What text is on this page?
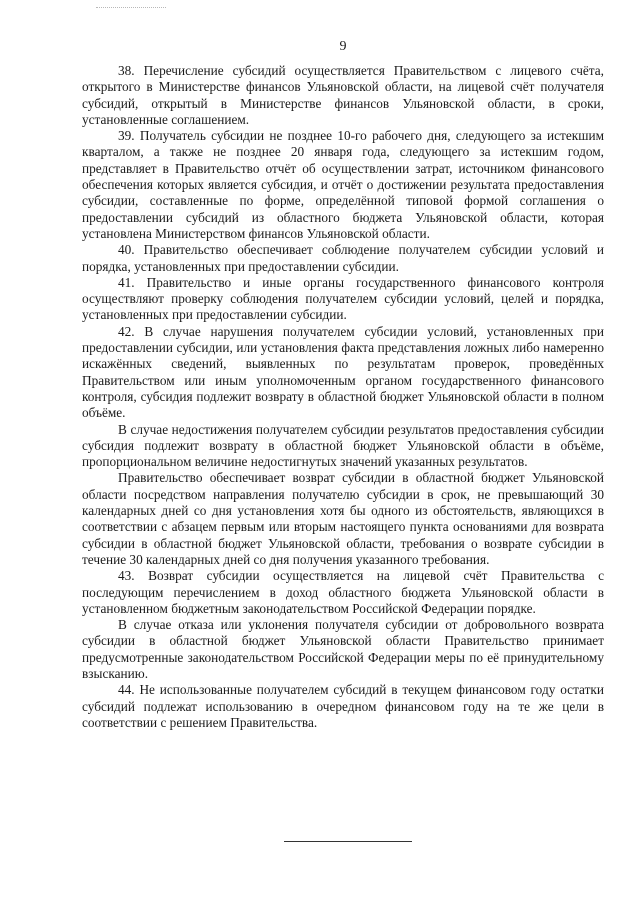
9

38. Перечисление субсидий осуществляется Правительством с лицевого счёта, открытого в Министерстве финансов Ульяновской области, на лицевой счёт получателя субсидий, открытый в Министерстве финансов Ульяновской области, в сроки, установленные соглашением.

39. Получатель субсидии не позднее 10-го рабочего дня, следующего за истекшим кварталом, а также не позднее 20 января года, следующего за истекшим годом, представляет в Правительство отчёт об осуществлении затрат, источником финансового обеспечения которых является субсидия, и отчёт о достижении результата предоставления субсидии, составленные по форме, определённой типовой формой соглашения о предоставлении субсидий из областного бюджета Ульяновской области, которая установлена Министерством финансов Ульяновской области.

40. Правительство обеспечивает соблюдение получателем субсидии условий и порядка, установленных при предоставлении субсидии.

41. Правительство и иные органы государственного финансового контроля осуществляют проверку соблюдения получателем субсидии условий, целей и порядка, установленных при предоставлении субсидии.

42. В случае нарушения получателем субсидии условий, установленных при предоставлении субсидии, или установления факта представления ложных либо намеренно искажённых сведений, выявленных по результатам проверок, проведённых Правительством или иным уполномоченным органом государственного финансового контроля, субсидия подлежит возврату в областной бюджет Ульяновской области в полном объёме.

В случае недостижения получателем субсидии результатов предоставления субсидии субсидия подлежит возврату в областной бюджет Ульяновской области в объёме, пропорциональном величине недостигнутых значений указанных результатов.

Правительство обеспечивает возврат субсидии в областной бюджет Ульяновской области посредством направления получателю субсидии в срок, не превышающий 30 календарных дней со дня установления хотя бы одного из обстоятельств, являющихся в соответствии с абзацем первым или вторым настоящего пункта основаниями для возврата субсидии в областной бюджет Ульяновской области, требования о возврате субсидии в течение 30 календарных дней со дня получения указанного требования.

43. Возврат субсидии осуществляется на лицевой счёт Правительства с последующим перечислением в доход областного бюджета Ульяновской области в установленном бюджетным законодательством Российской Федерации порядке.

В случае отказа или уклонения получателя субсидии от добровольного возврата субсидии в областной бюджет Ульяновской области Правительство принимает предусмотренные законодательством Российской Федерации меры по её принудительному взысканию.

44. Не использованные получателем субсидий в текущем финансовом году остатки субсидий подлежат использованию в очередном финансовом году на те же цели в соответствии с решением Правительства.
